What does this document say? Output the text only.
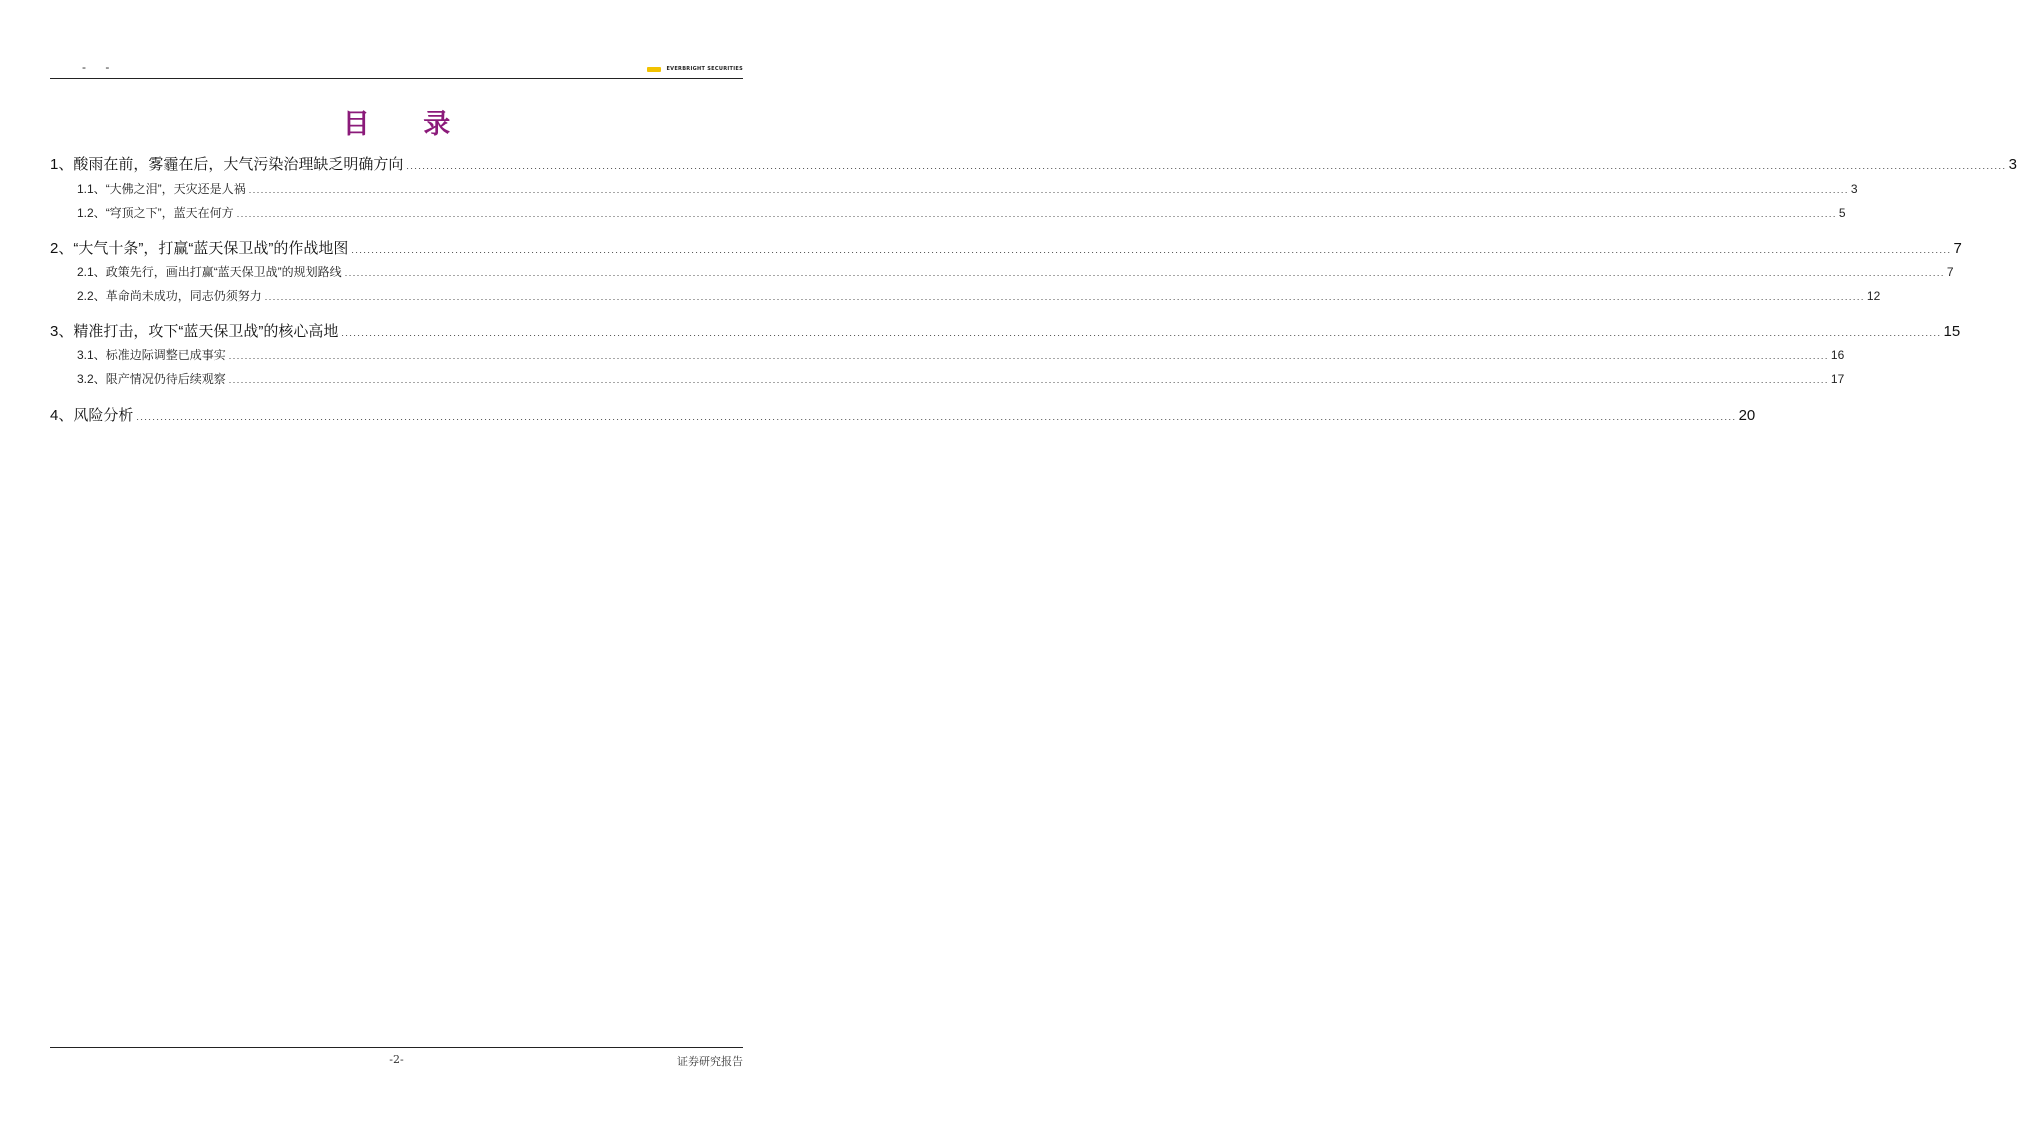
- -	EVERBRIGHT SECURITIES
目 录
1、 酸雨在前，雾霾在后，大气污染治理缺乏明确方向 ................................................................................................................................................................................................................................................................................................................................................................................................................ 3
1.1、 “大佛之泪”，天灾还是人祸 ................................................................................................................................................................................................................................................................................................................................................................................................................ 3
1.2、 “穹顶之下”，蓝天在何方 ................................................................................................................................................................................................................................................................................................................................................................................................................ 5
2、 “大气十条”，打赢“蓝天保卫战”的作战地图 ................................................................................................................................................................................................................................................................................................................................................................................................................ 7
2.1、 政策先行，画出打赢“蓝天保卫战”的规划路线 ................................................................................................................................................................................................................................................................................................................................................................................................................ 7
2.2、 革命尚未成功，同志仍须努力 ................................................................................................................................................................................................................................................................................................................................................................................................................ 12
3、 精准打击，攻下“蓝天保卫战”的核心高地 ................................................................................................................................................................................................................................................................................................................................................................................................................ 15
3.1、 标准边际调整已成事实 ................................................................................................................................................................................................................................................................................................................................................................................................................ 16
3.2、 限产情况仍待后续观察 ................................................................................................................................................................................................................................................................................................................................................................................................................ 17
4、 风险分析 ................................................................................................................................................................................................................................................................................................................................................................................................................ 20
-2-	证券研究报告
